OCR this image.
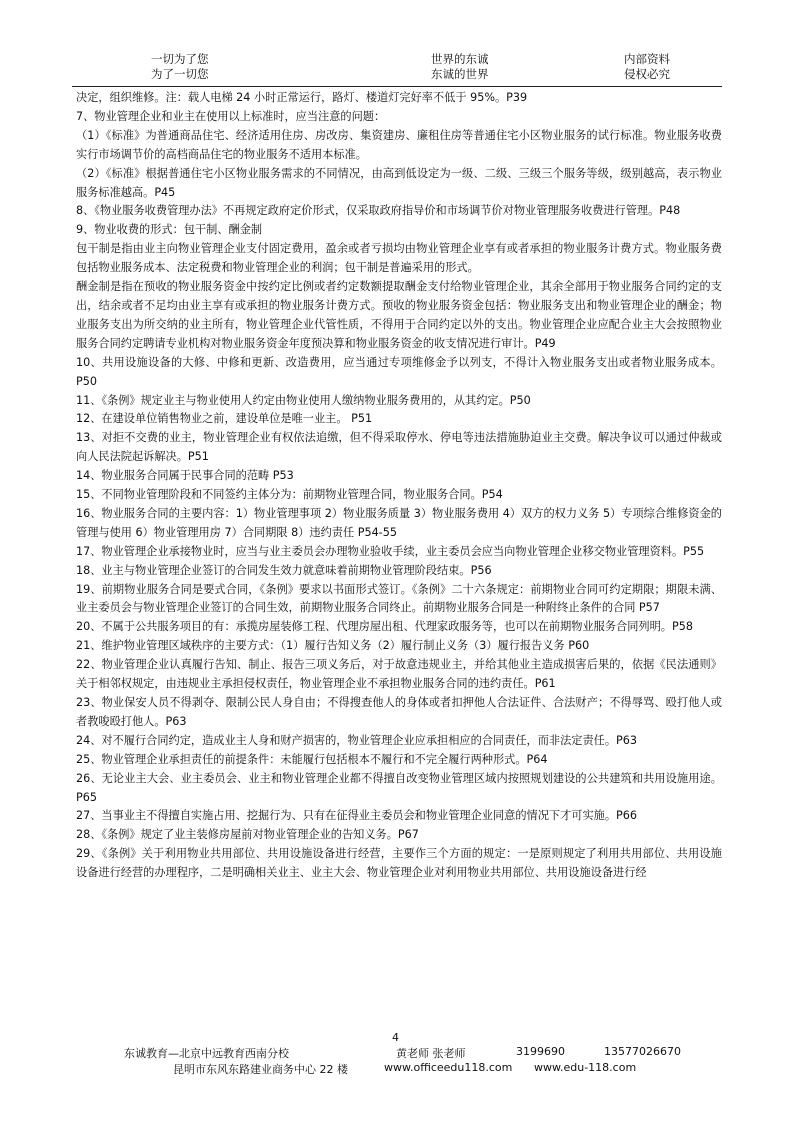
一切为了您
为了一切您
世界的东诚
东诚的世界
内部资料
侵权必究

决定，组织维修。注：载人电梯 24 小时正常运行，路灯、楼道灯完好率不低于 95%。P39

7、物业管理企业和业主在使用以上标准时，应当注意的问题：

（1）《标准》为普通商品住宅、经济适用住房、房改房、集资建房、廉租住房等普通住宅小区物业服务的试行标准。物业服务收费实行市场调节价的高档商品住宅的物业服务不适用本标准。

（2）《标准》根据普通住宅小区物业服务需求的不同情况，由高到低设定为一级、二级、三级三个服务等级，级别越高，表示物业服务标准越高。P45

8、《物业服务收费管理办法》不再规定政府定价形式，仅采取政府指导价和市场调节价对物业管理服务收费进行管理。P48

9、物业收费的形式：包干制、酬金制

包干制是指由业主向物业管理企业支付固定费用，盈余或者亏损均由物业管理企业享有或者承担的物业服务计费方式。物业服务费包括物业服务成本、法定税费和物业管理企业的利润；包干制是普遍采用的形式。

酬金制是指在预收的物业服务资金中按约定比例或者约定数额提取酬金支付给物业管理企业，其余全部用于物业服务合同约定的支出，结余或者不足均由业主享有或承担的物业服务计费方式。预收的物业服务资金包括：物业服务支出和物业管理企业的酬金；物业服务支出为所交纳的业主所有，物业管理企业代管性质，不得用于合同约定以外的支出。物业管理企业应配合业主大会按照物业服务合同约定聘请专业机构对物业服务资金年度预决算和物业服务资金的收支情况进行审计。P49

10、共用设施设备的大修、中修和更新、改造费用，应当通过专项维修金予以列支，不得计入物业服务支出或者物业服务成本。P50

11、《条例》规定业主与物业使用人约定由物业使用人缴纳物业服务费用的，从其约定。P50

12、在建设单位销售物业之前，建设单位是唯一业主。 P51

13、对拒不交费的业主，物业管理企业有权依法追缴，但不得采取停水、停电等违法措施胁迫业主交费。解决争议可以通过仲裁或向人民法院起诉解决。P51

14、物业服务合同属于民事合同的范畴 P53

15、不同物业管理阶段和不同签约主体分为：前期物业管理合同，物业服务合同。P54

16、物业服务合同的主要内容：1）物业管理事项 2）物业服务质量 3）物业服务费用 4）双方的权力义务 5）专项综合维修资金的管理与使用 6）物业管理用房 7）合同期限 8）违约责任 P54-55

17、物业管理企业承接物业时，应当与业主委员会办理物业验收手续，业主委员会应当向物业管理企业移交物业管理资料。P55

18、业主与物业管理企业签订的合同发生效力就意味着前期物业管理阶段结束。P56

19、前期物业服务合同是要式合同，《条例》要求以书面形式签订。《条例》二十六条规定：前期物业合同可约定期限；期限未满、业主委员会与物业管理企业签订的合同生效，前期物业服务合同终止。前期物业服务合同是一种附终止条件的合同 P57

20、不属于公共服务项目的有：承揽房屋装修工程、代理房屋出租、代理家政服务等，也可以在前期物业服务合同列明。P58

21、维护物业管理区域秩序的主要方式：（1）履行告知义务（2）履行制止义务（3）履行报告义务 P60

22、物业管理企业认真履行告知、制止、报告三项义务后，对于故意违规业主，并给其他业主造成损害后果的，依据《民法通则》关于相邻权规定，由违规业主承担侵权责任，物业管理企业不承担物业服务合同的违约责任。P61

23、物业保安人员不得剥夺、限制公民人身自由；不得搜查他人的身体或者扣押他人合法证件、合法财产；不得辱骂、殴打他人或者教唆殴打他人。P63

24、对不履行合同约定，造成业主人身和财产损害的，物业管理企业应承担相应的合同责任，而非法定责任。P63

25、物业管理企业承担责任的前提条件：未能履行包括根本不履行和不完全履行两种形式。P64

26、无论业主大会、业主委员会、业主和物业管理企业都不得擅自改变物业管理区域内按照规划建设的公共建筑和共用设施用途。P65

27、当事业主不得擅自实施占用、挖掘行为、只有在征得业主委员会和物业管理企业同意的情况下才可实施。P66

28、《条例》规定了业主装修房屋前对物业管理企业的告知义务。P67

29、《条例》关于利用物业共用部位、共用设施设备进行经营，主要作三个方面的规定：一是原则规定了利用共用部位、共用设施设备进行经营的办理程序，二是明确相关业主、业主大会、物业管理企业对利用物业共用部位、共用设施设备进行经

4
东诚教育—北京中远教育西南分校	黄老师 张老师	3199690	13577026670
昆明市东风东路建业商务中心 22 楼	www.officeedu118.com www.edu-118.com
